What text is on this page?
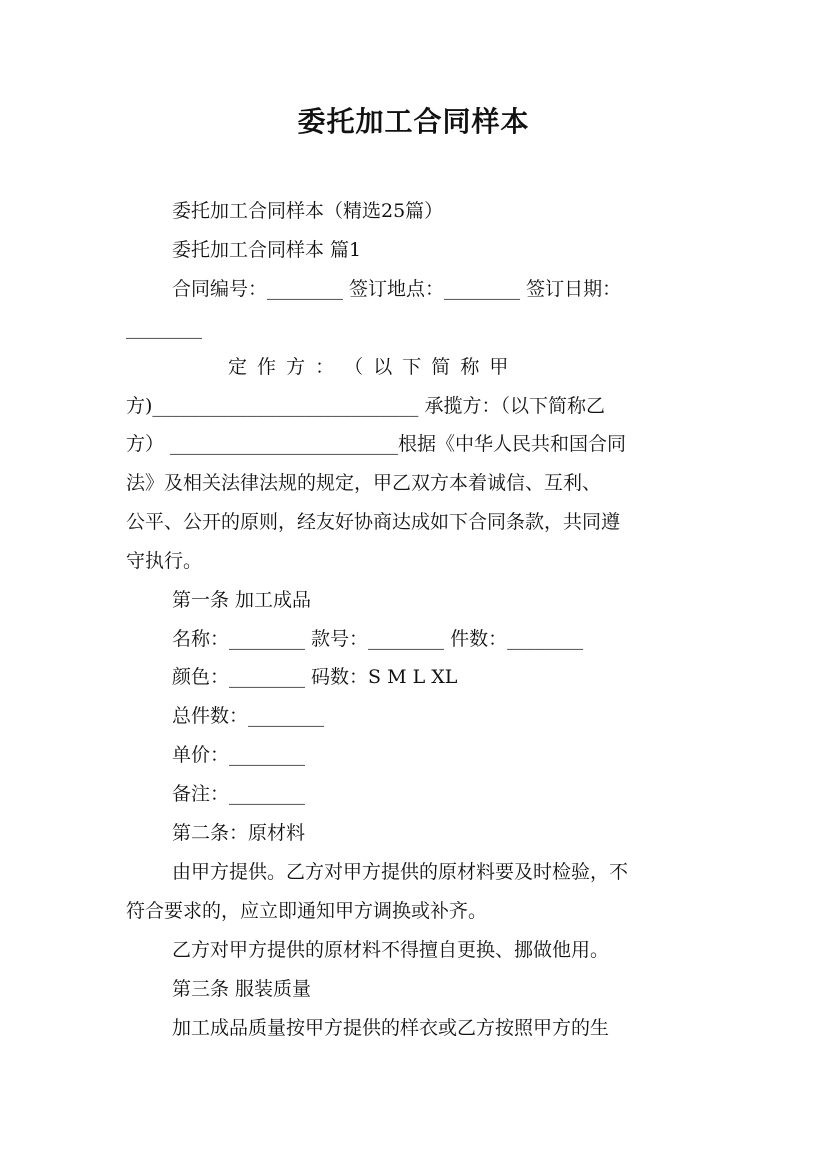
委托加工合同样本
委托加工合同样本（精选25篇）
委托加工合同样本 篇1
合同编号：________ 签订地点：________ 签订日期：
________
定 作 方 ： （ 以 下 简 称 甲
方)____________________________ 承揽方：（以下简称乙
方） ________________________根据《中华人民共和国合同
法》及相关法律法规的规定，甲乙双方本着诚信、互利、
公平、公开的原则，经友好协商达成如下合同条款，共同遵
守执行。
第一条 加工成品
名称：________ 款号：________ 件数：________
颜色：________ 码数：S M L XL
总件数：________
单价：________
备注：________
第二条：原材料
由甲方提供。乙方对甲方提供的原材料要及时检验，不
符合要求的，应立即通知甲方调换或补齐。
乙方对甲方提供的原材料不得擅自更换、挪做他用。
第三条 服装质量
加工成品质量按甲方提供的样衣或乙方按照甲方的生
